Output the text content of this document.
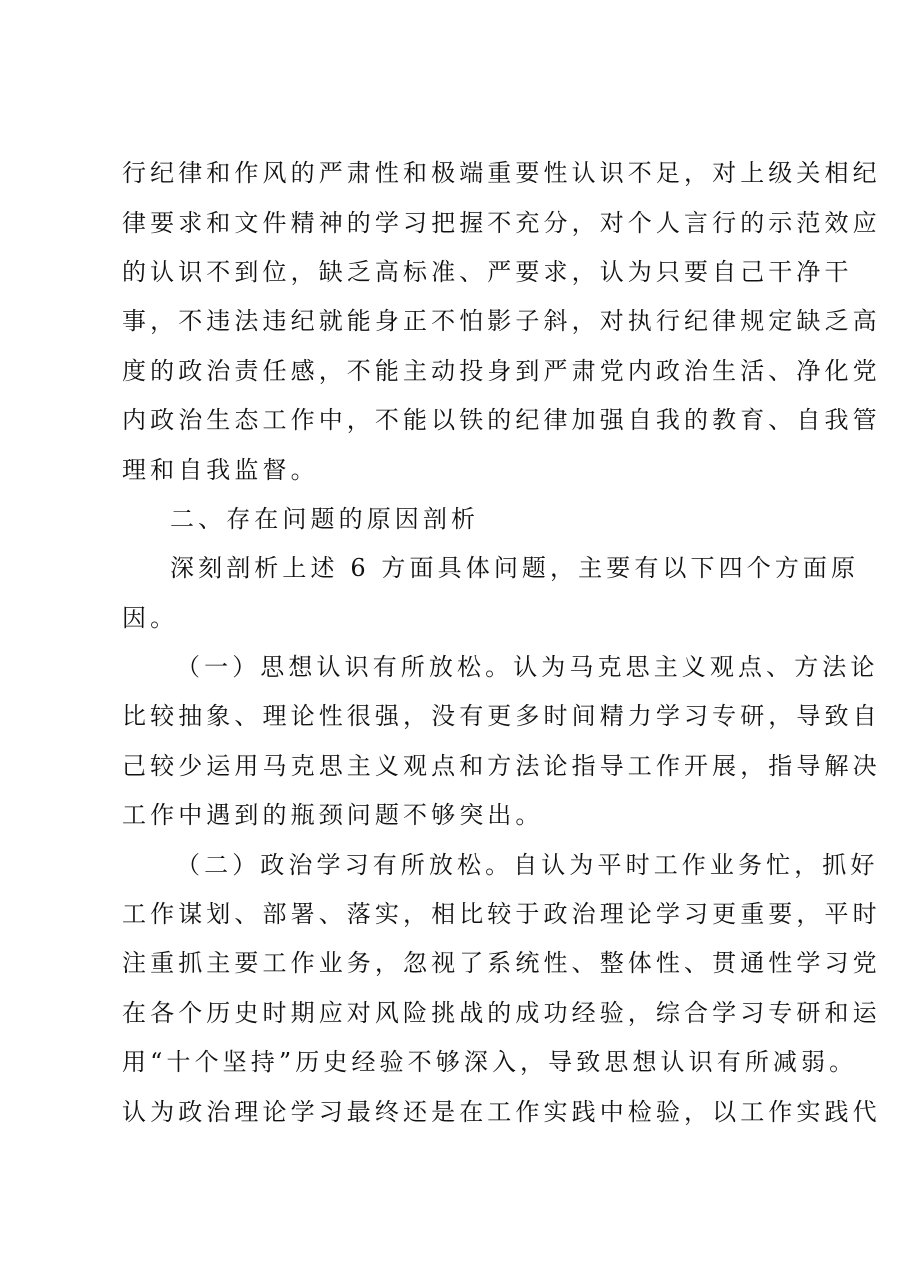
行纪律和作风的严肃性和极端重要性认识不足，对上级关相纪
律要求和文件精神的学习把握不充分，对个人言行的示范效应
的认识不到位，缺乏高标准、严要求，认为只要自己干净干
事，不违法违纪就能身正不怕影子斜，对执行纪律规定缺乏高
度的政治责任感，不能主动投身到严肃党内政治生活、净化党
内政治生态工作中，不能以铁的纪律加强自我的教育、自我管
理和自我监督。
二、存在问题的原因剖析
深刻剖析上述 6 方面具体问题，主要有以下四个方面原
因。
（一）思想认识有所放松。认为马克思主义观点、方法论
比较抽象、理论性很强，没有更多时间精力学习专研，导致自
己较少运用马克思主义观点和方法论指导工作开展，指导解决
工作中遇到的瓶颈问题不够突出。
（二）政治学习有所放松。自认为平时工作业务忙，抓好
工作谋划、部署、落实，相比较于政治理论学习更重要，平时
注重抓主要工作业务，忽视了系统性、整体性、贯通性学习党
在各个历史时期应对风险挑战的成功经验，综合学习专研和运
用“十个坚持”历史经验不够深入，导致思想认识有所减弱。
认为政治理论学习最终还是在工作实践中检验，以工作实践代
